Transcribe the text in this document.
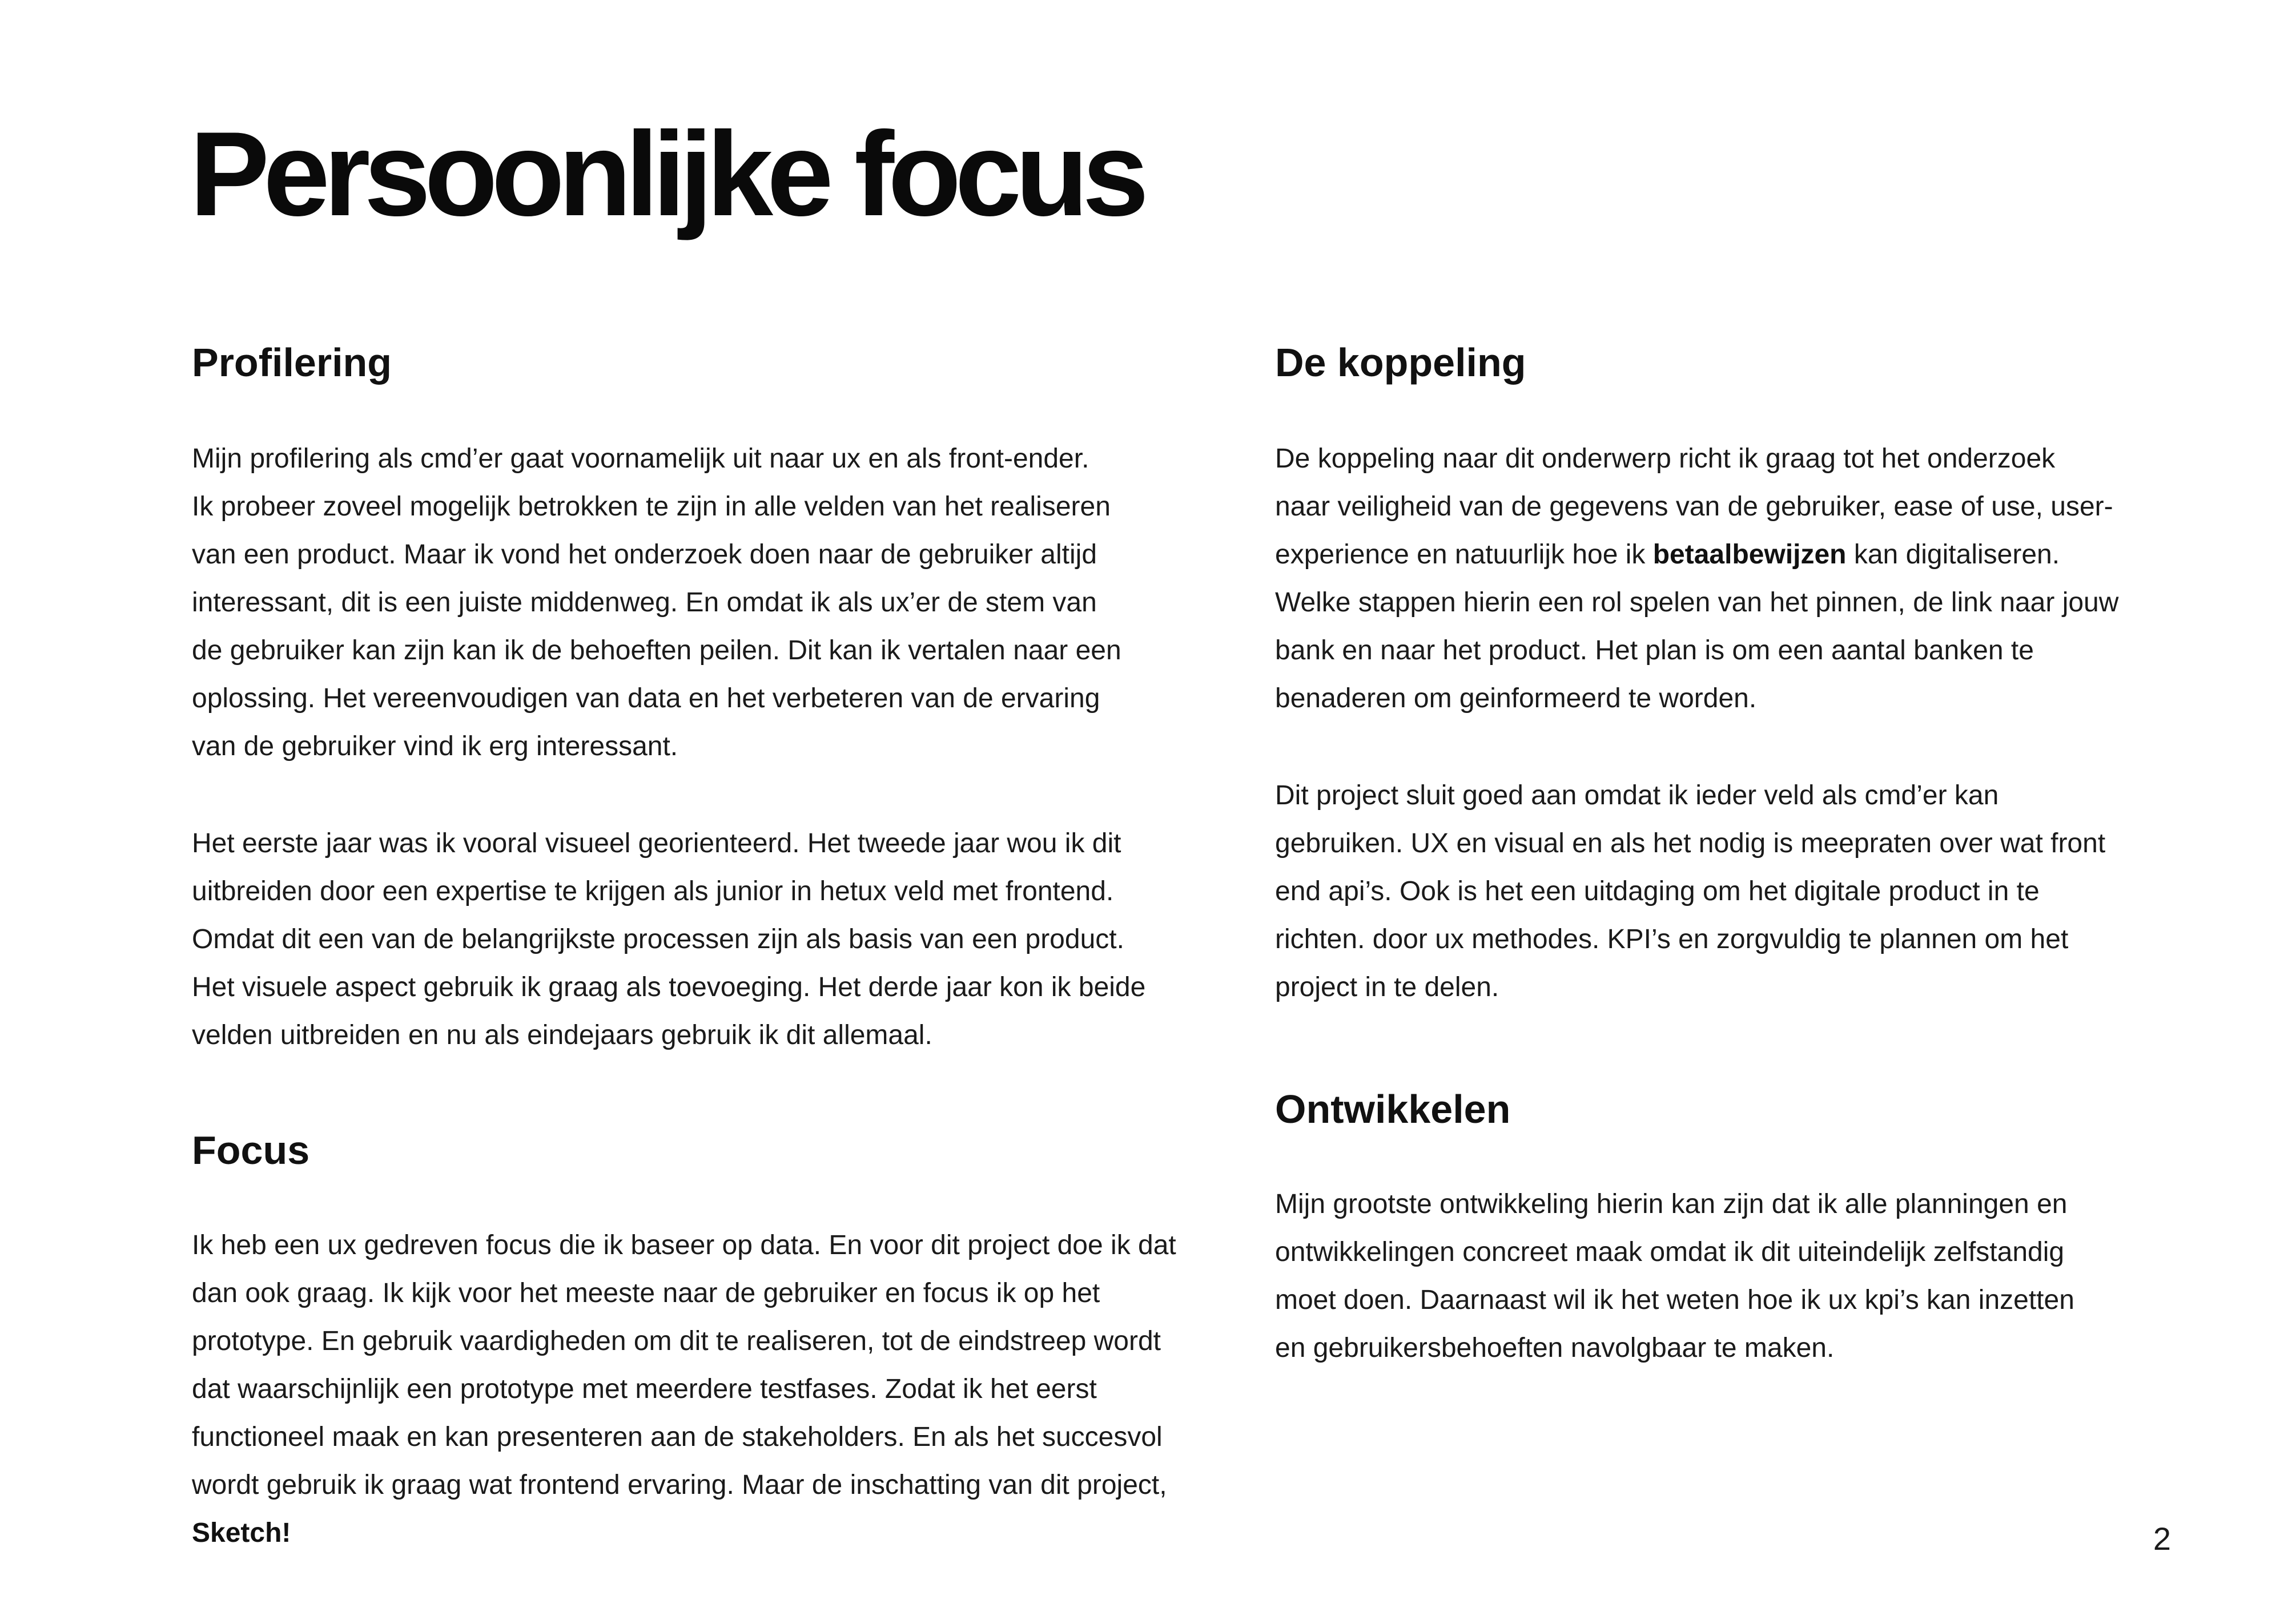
Persoonlijke focus
Profilering
Mijn profilering als cmd’er gaat voornamelijk uit naar ux en als front-ender.
Ik probeer zoveel mogelijk betrokken te zijn in alle velden van het realiseren
van een product. Maar ik vond het onderzoek doen naar de gebruiker altijd
interessant, dit is een juiste middenweg. En omdat ik als ux’er de stem van
de gebruiker kan zijn kan ik de behoeften peilen. Dit kan ik vertalen naar een
oplossing. Het vereenvoudigen van data en het verbeteren van de ervaring
van de gebruiker vind ik erg interessant.
Het eerste jaar was ik vooral visueel georienteerd. Het tweede jaar wou ik dit
uitbreiden door een expertise te krijgen als junior in hetux veld met frontend.
Omdat dit een van de belangrijkste processen zijn als basis van een product.
Het visuele aspect gebruik ik graag als toevoeging. Het derde jaar kon ik beide
velden uitbreiden en nu als eindejaars gebruik ik dit allemaal.
Focus
Ik heb een ux gedreven focus die ik baseer op data. En voor dit project doe ik dat
dan ook graag. Ik kijk voor het meeste naar de gebruiker en focus ik op het
prototype. En gebruik vaardigheden om dit te realiseren, tot de eindstreep wordt
dat waarschijnlijk een prototype met meerdere testfases. Zodat ik het eerst
functioneel maak en kan presenteren aan de stakeholders. En als het succesvol
wordt gebruik ik graag wat frontend ervaring. Maar de inschatting van dit project,
Sketch!
De koppeling
De koppeling naar dit onderwerp richt ik graag tot het onderzoek
naar veiligheid van de gegevens van de gebruiker, ease of use, user-
experience en natuurlijk hoe ik betaalbewijzen kan digitaliseren.
Welke stappen hierin een rol spelen van het pinnen, de link naar jouw
bank en naar het product. Het plan is om een aantal banken te
benaderen om geinformeerd te worden.
Dit project sluit goed aan omdat ik ieder veld als cmd’er kan
gebruiken. UX en visual en als het nodig is meepraten over wat front
end api’s. Ook is het een uitdaging om het digitale product in te
richten. door ux methodes. KPI’s en zorgvuldig te plannen om het
project in te delen.
Ontwikkelen
Mijn grootste ontwikkeling hierin kan zijn dat ik alle planningen en
ontwikkelingen concreet maak omdat ik dit uiteindelijk zelfstandig
moet doen. Daarnaast wil ik het weten hoe ik ux kpi’s kan inzetten
en gebruikersbehoeften navolgbaar te maken.
2
